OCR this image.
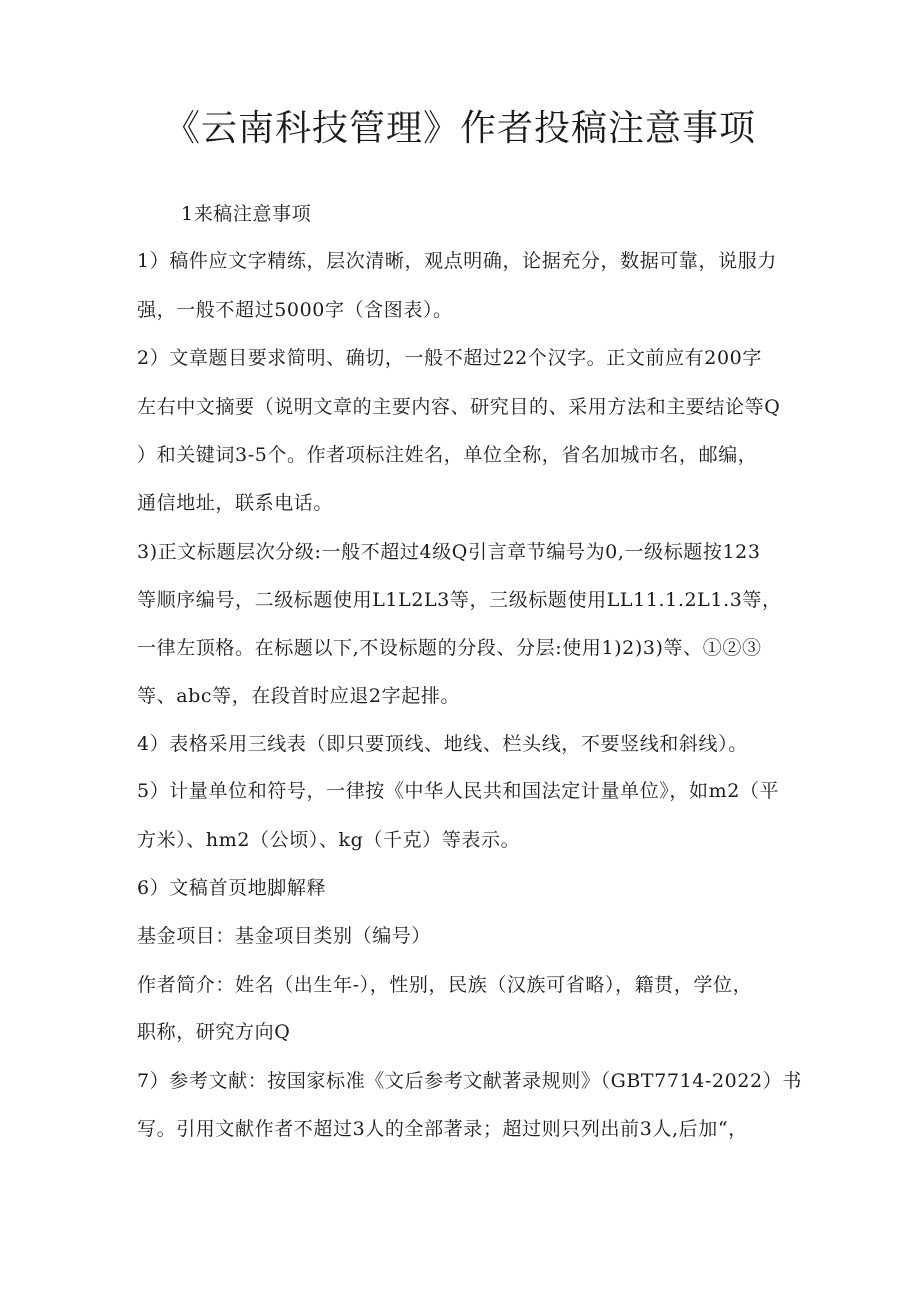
《云南科技管理》作者投稿注意事项

1来稿注意事项

1）稿件应文字精练，层次清晰，观点明确，论据充分，数据可靠，说服力

强，一般不超过5000字（含图表）。

2）文章题目要求简明、确切，一般不超过22个汉字。正文前应有200字

左右中文摘要（说明文章的主要内容、研究目的、采用方法和主要结论等Q

）和关键词3-5个。作者项标注姓名，单位全称，省名加城市名，邮编，

通信地址，联系电话。

3)正文标题层次分级:一般不超过4级Q引言章节编号为0,一级标题按123

等顺序编号，二级标题使用L1L2L3等，三级标题使用LL11.1.2L1.3等，

一律左顶格。在标题以下,不设标题的分段、分层:使用1)2)3)等、①②③

等、abc等，在段首时应退2字起排。

4）表格采用三线表（即只要顶线、地线、栏头线，不要竖线和斜线）。

5）计量单位和符号，一律按《中华人民共和国法定计量单位》，如m2（平

方米）、hm2（公顷）、kg（千克）等表示。

6）文稿首页地脚解释

基金项目：基金项目类别（编号）

作者简介：姓名（出生年-），性别，民族（汉族可省略），籍贯，学位，

职称，研究方向Q

7）参考文献：按国家标准《文后参考文献著录规则》（GBT7714-2022）书

写。引用文献作者不超过3人的全部著录；超过则只列出前3人,后加“，
